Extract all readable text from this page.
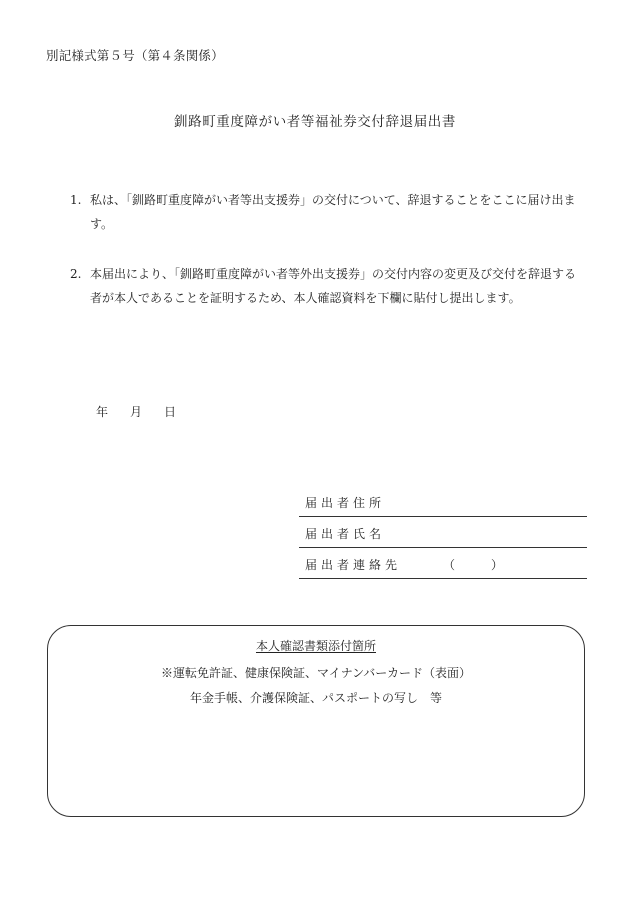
別記様式第５号（第４条関係）
釧路町重度障がい者等福祉券交付辞退届出書
1. 私は、「釧路町重度障がい者等出支援券」の交付について、辞退することをここに届け出ます。
2. 本届出により、「釧路町重度障がい者等外出支援券」の交付内容の変更及び交付を辞退する者が本人であることを証明するため、本人確認資料を下欄に貼付し提出します。
年 月 日
届出者住所
届出者氏名
届出者連絡先	（　　　）
本人確認書類添付箇所
※運転免許証、健康保険証、マイナンバーカード（表面）
年金手帳、介護保険証、パスポートの写し　等
